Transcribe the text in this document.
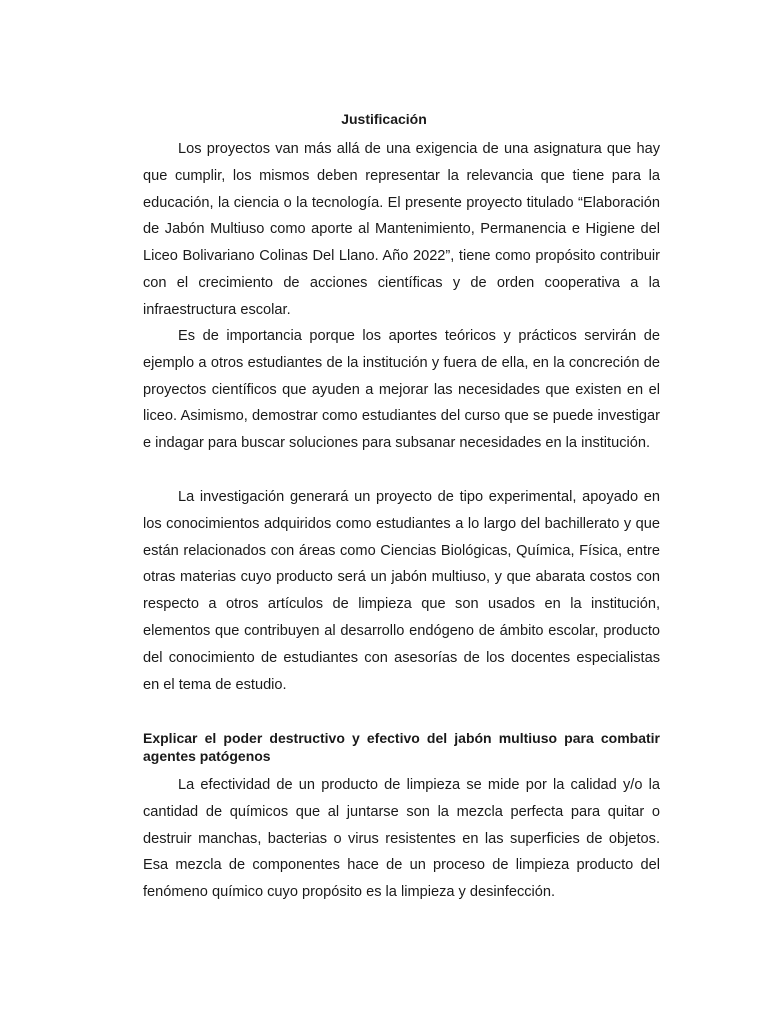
Justificación

Los proyectos van más allá de una exigencia de una asignatura que hay que cumplir, los mismos deben representar la relevancia que tiene para la educación, la ciencia o la tecnología. El presente proyecto titulado “Elaboración de Jabón Multiuso como aporte al Mantenimiento, Permanencia e Higiene del Liceo Bolivariano Colinas Del Llano. Año 2022”, tiene como propósito contribuir con el crecimiento de acciones científicas y de orden cooperativa a la infraestructura escolar.

Es de importancia porque los aportes teóricos y prácticos servirán de ejemplo a otros estudiantes de la institución y fuera de ella, en la concreción de proyectos científicos que ayuden a mejorar las necesidades que existen en el liceo. Asimismo, demostrar como estudiantes del curso que se puede investigar e indagar para buscar soluciones para subsanar necesidades en la institución.

La investigación generará un proyecto de tipo experimental, apoyado en los conocimientos adquiridos como estudiantes a lo largo del bachillerato y que están relacionados con áreas como Ciencias Biológicas, Química, Física, entre otras materias cuyo producto será un jabón multiuso, y que abarata costos con respecto a otros artículos de limpieza que son usados en la institución, elementos que contribuyen al desarrollo endógeno de ámbito escolar, producto del conocimiento de estudiantes con asesorías de los docentes especialistas en el tema de estudio.

Explicar el poder destructivo y efectivo del jabón multiuso para combatir agentes patógenos

La efectividad de un producto de limpieza se mide por la calidad y/o la cantidad de químicos que al juntarse son la mezcla perfecta para quitar o destruir manchas, bacterias o virus resistentes en las superficies de objetos. Esa mezcla de componentes hace de un proceso de limpieza producto del fenómeno químico cuyo propósito es la limpieza y desinfección.
